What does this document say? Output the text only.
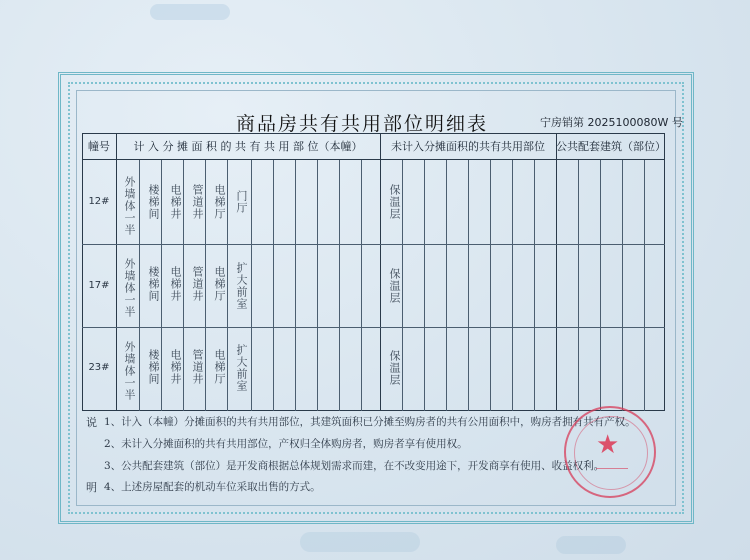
商品房共有共用部位明细表	宁房销第 2025100080W 号
幢号	计 入 分 摊 面 积 的 共 有 共 用 部 位（本幢）	未计入分摊面积的共有共用部位	公共配套建筑（部位）
12#	外墙体一半 楼梯间 电梯井 管道井 电梯厅 门厅	保温层
17#	外墙体一半 楼梯间 电梯井 管道井 电梯厅 扩大前室	保温层
23#	外墙体一半 楼梯间 电梯井 管道井 电梯厅 扩大前室	保温层
说
明
1、计入（本幢）分摊面积的共有共用部位，其建筑面积已分摊至购房者的共有公用面积中，购房者拥有共有产权。
2、未计入分摊面积的共有共用部位，产权归全体购房者，购房者享有使用权。
3、公共配套建筑（部位）是开发商根据总体规划需求而建，在不改变用途下，开发商享有使用、收益权利。
4、上述房屋配套的机动车位采取出售的方式。
★
